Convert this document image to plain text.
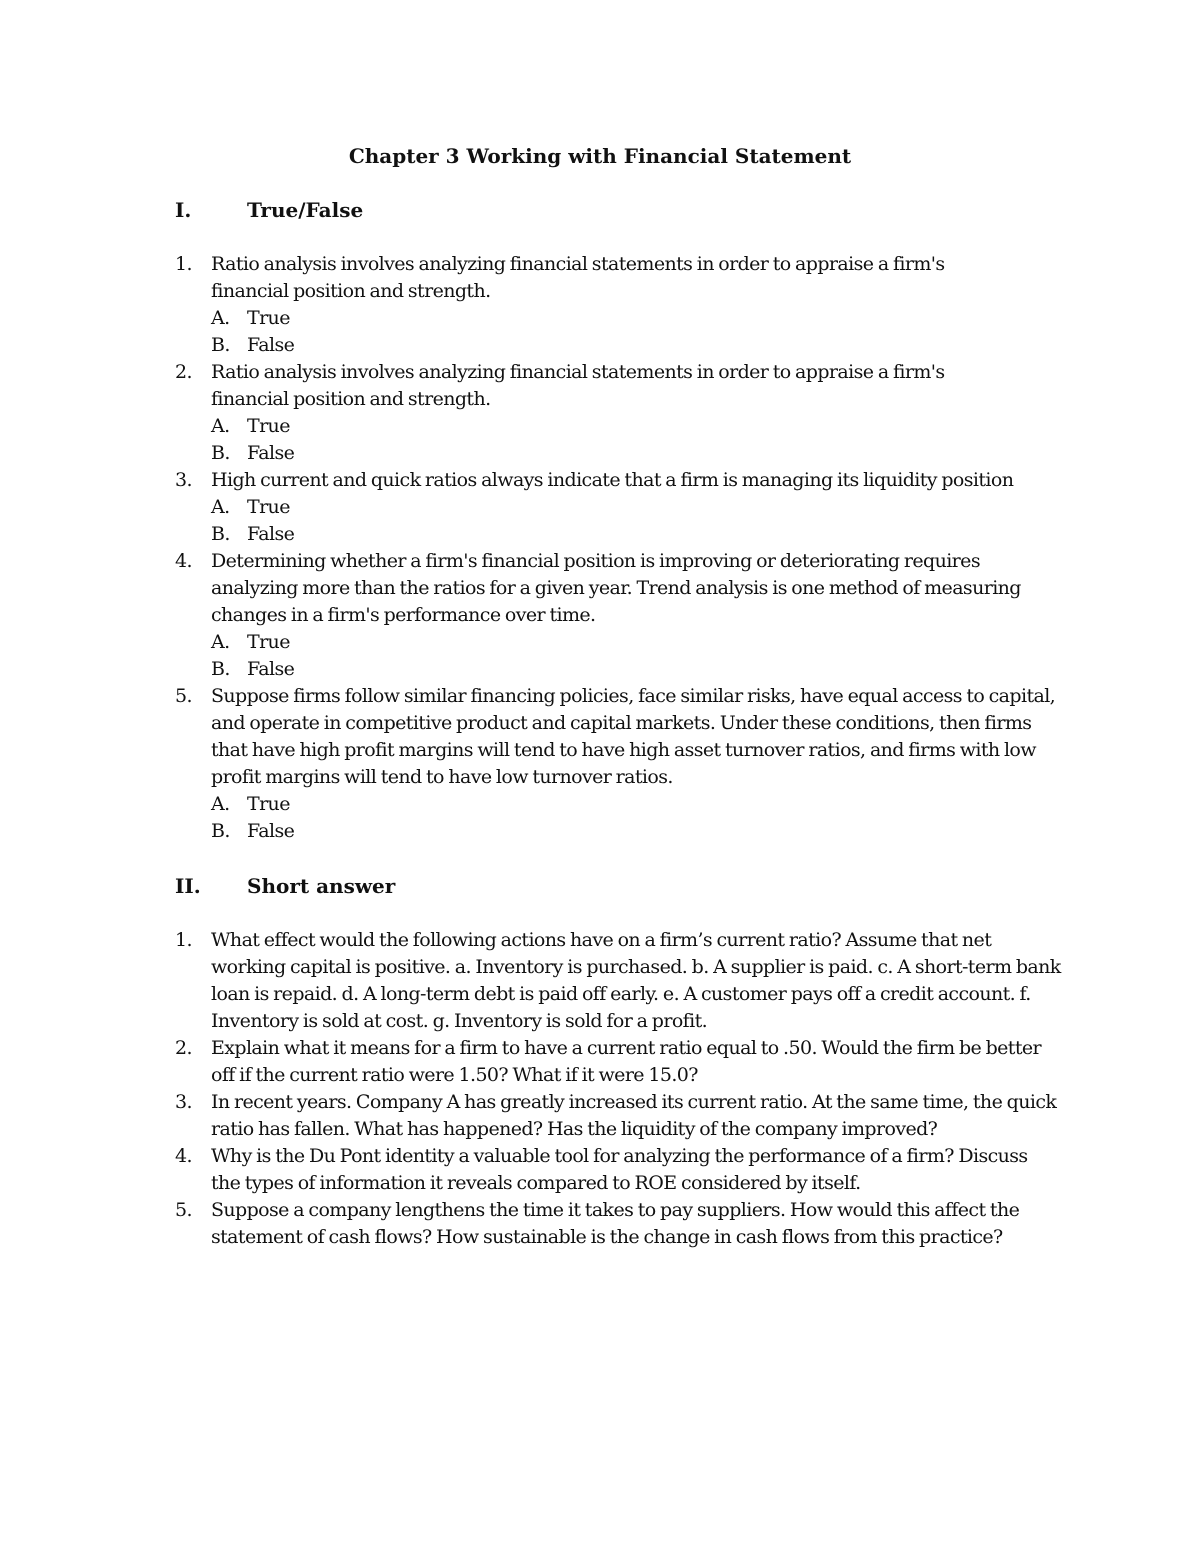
Chapter 3 Working with Financial Statement
I.	True/False
1. Ratio analysis involves analyzing financial statements in order to appraise a firm's financial position and strength.
A. True
B. False
2. Ratio analysis involves analyzing financial statements in order to appraise a firm's financial position and strength.
A. True
B. False
3. High current and quick ratios always indicate that a firm is managing its liquidity position
A. True
B. False
4. Determining whether a firm's financial position is improving or deteriorating requires analyzing more than the ratios for a given year. Trend analysis is one method of measuring changes in a firm's performance over time.
A. True
B. False
5. Suppose firms follow similar financing policies, face similar risks, have equal access to capital, and operate in competitive product and capital markets. Under these conditions, then firms that have high profit margins will tend to have high asset turnover ratios, and firms with low profit margins will tend to have low turnover ratios.
A. True
B. False
II. Short answer
1. What effect would the following actions have on a firm’s current ratio? Assume that net working capital is positive. a. Inventory is purchased. b. A supplier is paid. c. A short-term bank loan is repaid. d. A long-term debt is paid off early. e. A customer pays off a credit account. f. Inventory is sold at cost. g. Inventory is sold for a profit.
2. Explain what it means for a firm to have a current ratio equal to .50. Would the firm be better off if the current ratio were 1.50? What if it were 15.0?
3. In recent years. Company A has greatly increased its current ratio. At the same time, the quick ratio has fallen. What has happened? Has the liquidity of the company improved?
4. Why is the Du Pont identity a valuable tool for analyzing the performance of a firm? Discuss the types of information it reveals compared to ROE considered by itself.
5. Suppose a company lengthens the time it takes to pay suppliers. How would this affect the statement of cash flows? How sustainable is the change in cash flows from this practice?
